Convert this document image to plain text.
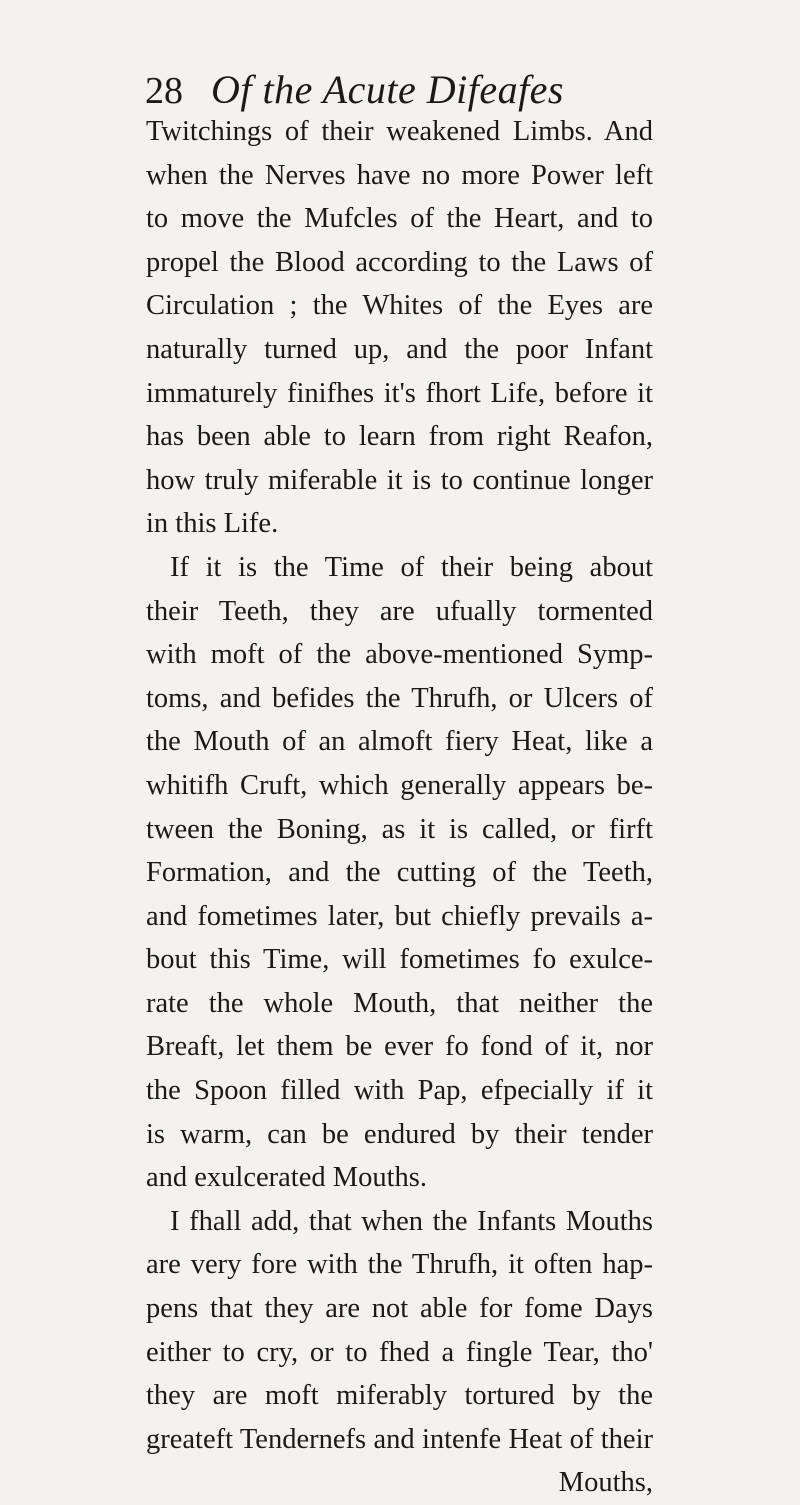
28 Of the Acute Difeafes
Twitchings of their weakened Limbs. And
when the Nerves have no more Power left
to move the Mufcles of the Heart, and to
propel the Blood according to the Laws of
Circulation ; the Whites of the Eyes are
naturally turned up, and the poor Infant
immaturely finifhes it's fhort Life, before it
has been able to learn from right Reafon,
how truly miferable it is to continue longer
in this Life.
If it is the Time of their being about
their Teeth, they are ufually tormented
with moft of the above-mentioned Symp-
toms, and befides the Thrufh, or Ulcers of
the Mouth of an almoft fiery Heat, like a
whitifh Cruft, which generally appears be-
tween the Boning, as it is called, or firft
Formation, and the cutting of the Teeth,
and fometimes later, but chiefly prevails a-
bout this Time, will fometimes fo exulce-
rate the whole Mouth, that neither the
Breaft, let them be ever fo fond of it, nor
the Spoon filled with Pap, efpecially if it
is warm, can be endured by their tender
and exulcerated Mouths.
I fhall add, that when the Infants Mouths
are very fore with the Thrufh, it often hap-
pens that they are not able for fome Days
either to cry, or to fhed a fingle Tear, tho'
they are moft miferably tortured by the
greateft Tendernefs and intenfe Heat of their
Mouths,
